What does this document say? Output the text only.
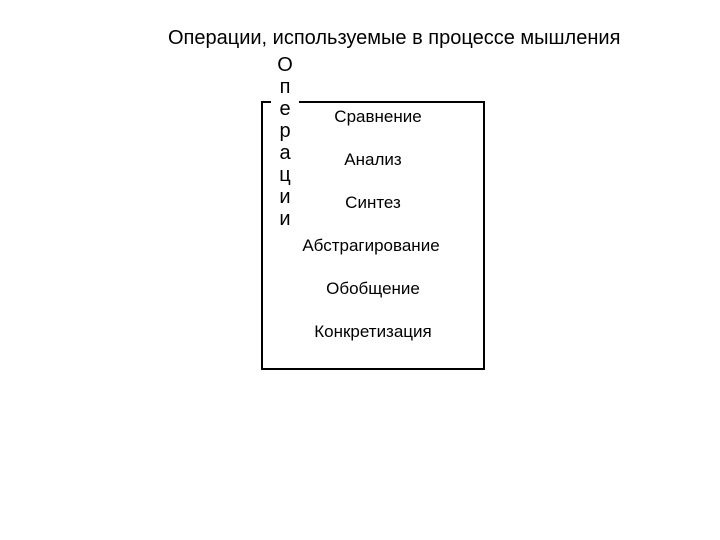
Операции, используемые в процессе мышления
О
п
е
р
а
ц
и
и
Сравнение
Анализ
Синтез
Абстрагирование
Обобщение
Конкретизация
